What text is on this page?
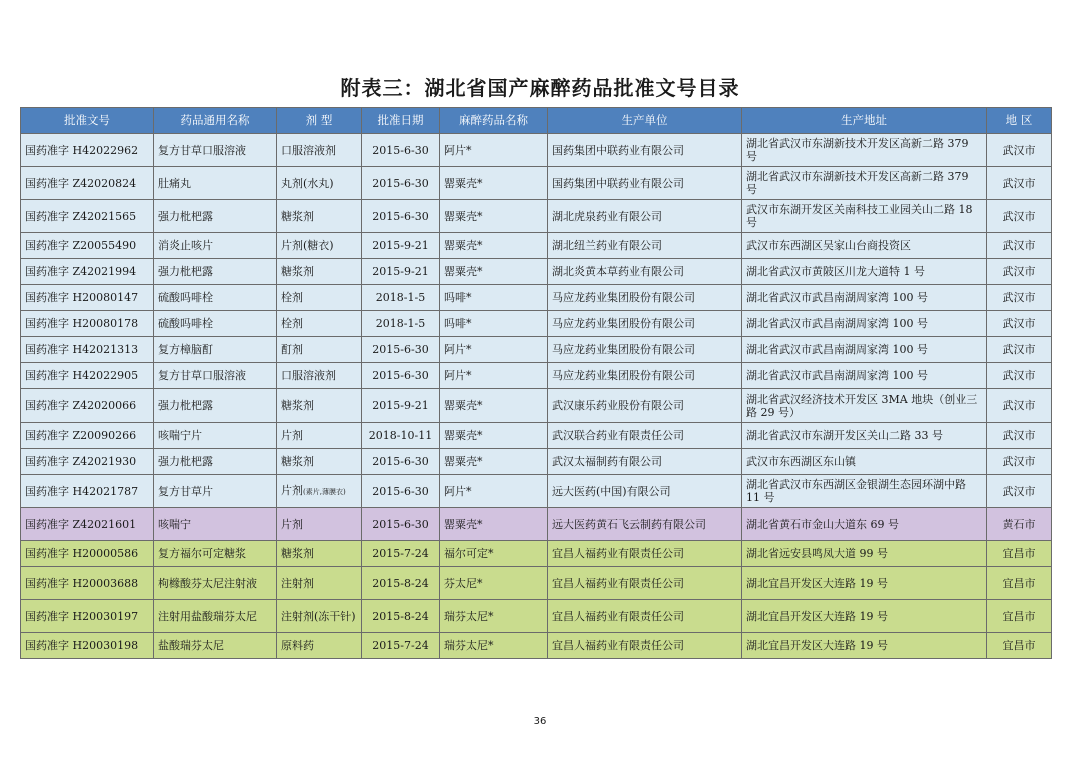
附表三：湖北省国产麻醉药品批准文号目录
批准文号	药品通用名称	剂 型	批准日期	麻醉药品名称	生产单位	生产地址	地 区
国药准字 H42022962	复方甘草口服溶液	口服溶液剂	2015-6-30	阿片*	国药集团中联药业有限公司	湖北省武汉市东湖新技术开发区高新二路 379 号	武汉市
国药准字 Z42020824	肚痛丸	丸剂(水丸)	2015-6-30	罂粟壳*	国药集团中联药业有限公司	湖北省武汉市东湖新技术开发区高新二路 379 号	武汉市
国药准字 Z42021565	强力枇杷露	糖浆剂	2015-6-30	罂粟壳*	湖北虎泉药业有限公司	武汉市东湖开发区关南科技工业园关山二路 18 号	武汉市
国药准字 Z20055490	消炎止咳片	片剂(糖衣)	2015-9-21	罂粟壳*	湖北纽兰药业有限公司	武汉市东西湖区吴家山台商投资区	武汉市
国药准字 Z42021994	强力枇杷露	糖浆剂	2015-9-21	罂粟壳*	湖北炎黄本草药业有限公司	湖北省武汉市黄陂区川龙大道特 1 号	武汉市
国药准字 H20080147	硫酸吗啡栓	栓剂	2018-1-5	吗啡*	马应龙药业集团股份有限公司	湖北省武汉市武昌南湖周家湾 100 号	武汉市
国药准字 H20080178	硫酸吗啡栓	栓剂	2018-1-5	吗啡*	马应龙药业集团股份有限公司	湖北省武汉市武昌南湖周家湾 100 号	武汉市
国药准字 H42021313	复方樟脑酊	酊剂	2015-6-30	阿片*	马应龙药业集团股份有限公司	湖北省武汉市武昌南湖周家湾 100 号	武汉市
国药准字 H42022905	复方甘草口服溶液	口服溶液剂	2015-6-30	阿片*	马应龙药业集团股份有限公司	湖北省武汉市武昌南湖周家湾 100 号	武汉市
国药准字 Z42020066	强力枇杷露	糖浆剂	2015-9-21	罂粟壳*	武汉康乐药业股份有限公司	湖北省武汉经济技术开发区 3MA 地块（创业三路 29 号）	武汉市
国药准字 Z20090266	咳喘宁片	片剂	2018-10-11	罂粟壳*	武汉联合药业有限责任公司	湖北省武汉市东湖开发区关山二路 33 号	武汉市
国药准字 Z42021930	强力枇杷露	糖浆剂	2015-6-30	罂粟壳*	武汉太福制药有限公司	武汉市东西湖区东山镇	武汉市
国药准字 H42021787	复方甘草片	片剂(素片,薄膜衣)	2015-6-30	阿片*	远大医药(中国)有限公司	湖北省武汉市东西湖区金银湖生态园环湖中路 11 号	武汉市
国药准字 Z42021601	咳喘宁	片剂	2015-6-30	罂粟壳*	远大医药黄石飞云制药有限公司	湖北省黄石市金山大道东 69 号	黄石市
国药准字 H20000586	复方福尔可定糖浆	糖浆剂	2015-7-24	福尔可定*	宜昌人福药业有限责任公司	湖北省远安县鸣凤大道 99 号	宜昌市
国药准字 H20003688	枸橼酸芬太尼注射液	注射剂	2015-8-24	芬太尼*	宜昌人福药业有限责任公司	湖北宜昌开发区大连路 19 号	宜昌市
国药准字 H20030197	注射用盐酸瑞芬太尼	注射剂(冻干针)	2015-8-24	瑞芬太尼*	宜昌人福药业有限责任公司	湖北宜昌开发区大连路 19 号	宜昌市
国药准字 H20030198	盐酸瑞芬太尼	原料药	2015-7-24	瑞芬太尼*	宜昌人福药业有限责任公司	湖北宜昌开发区大连路 19 号	宜昌市
36
